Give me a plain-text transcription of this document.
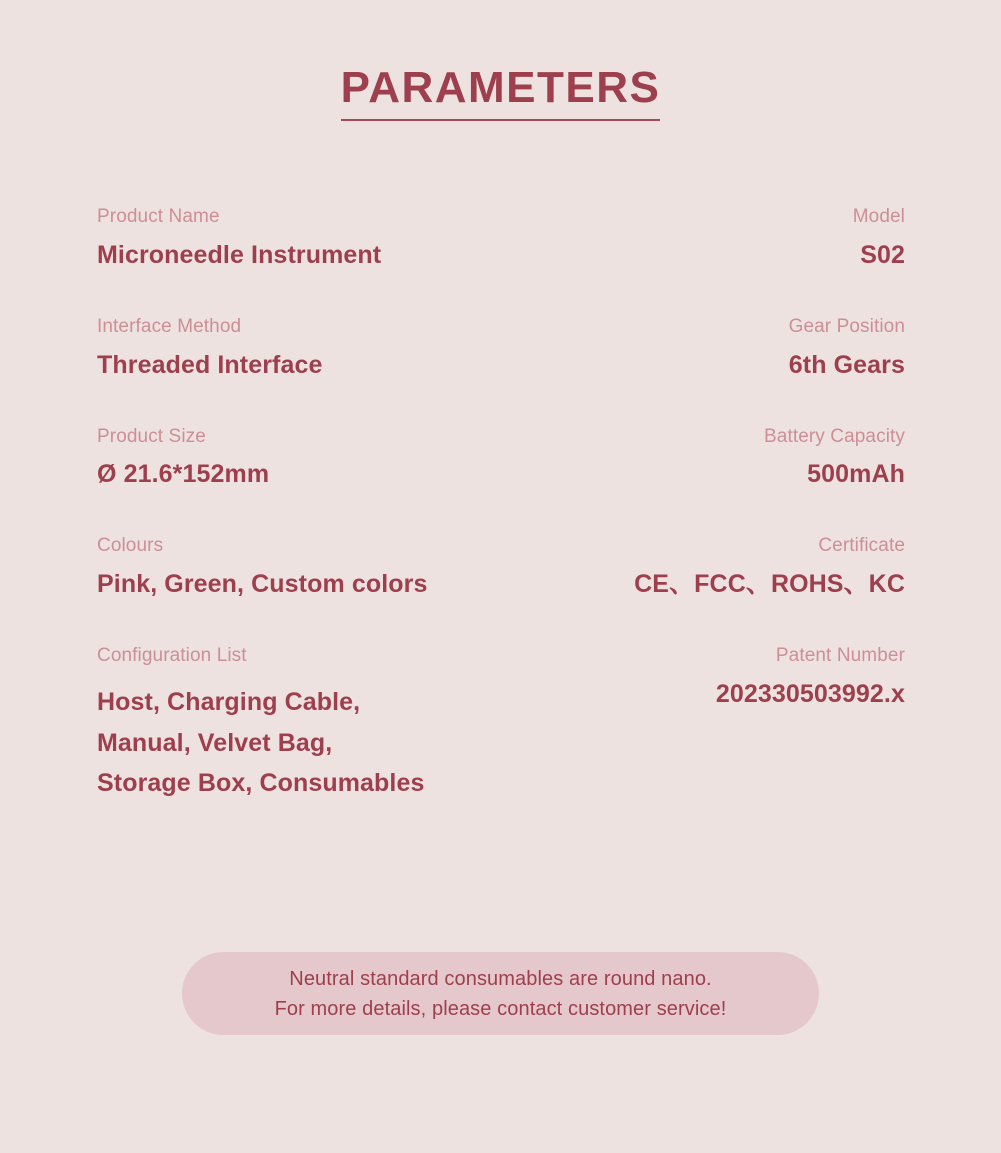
PARAMETERS
Product Name
Microneedle Instrument
Model
S02
Interface Method
Threaded Interface
Gear Position
6th Gears
Product Size
Ø 21.6*152mm
Battery Capacity
500mAh
Colours
Pink, Green, Custom colors
Certificate
CE、FCC、ROHS、KC
Configuration List
Host, Charging Cable,
Manual, Velvet Bag,
Storage Box, Consumables
Patent Number
202330503992.x
Neutral standard consumables are round nano.
For more details, please contact customer service!
